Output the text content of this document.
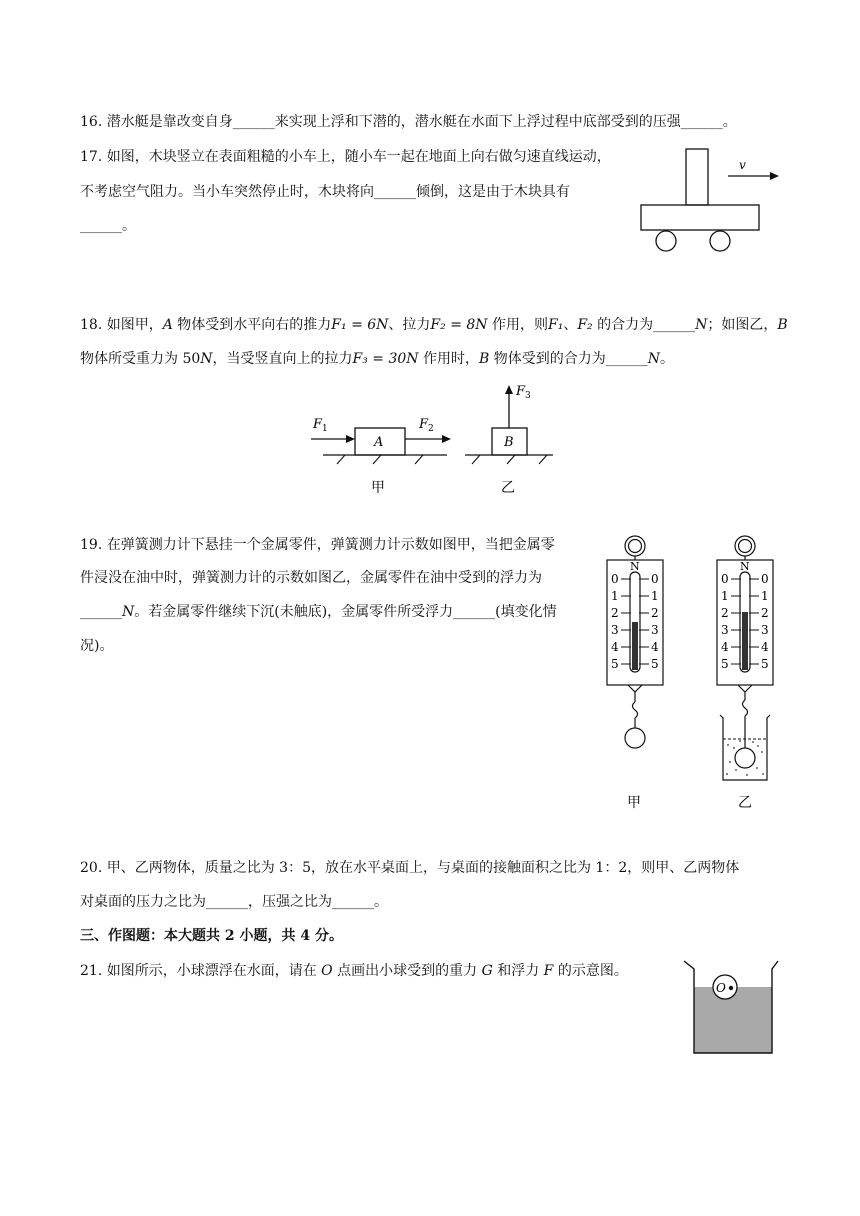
16. 潜水艇是靠改变自身______来实现上浮和下潜的，潜水艇在水面下上浮过程中底部受到的压强______。
17. 如图，木块竖立在表面粗糙的小车上，随小车一起在地面上向右做匀速直线运动，
不考虑空气阻力。当小车突然停止时，木块将向______倾倒，这是由于木块具有
______。
v
18. 如图甲，A 物体受到水平向右的推力F₁ = 6N、拉力F₂ = 8N 作用，则F₁、F₂ 的合力为______N；如图乙，B
物体所受重力为 50N，当受竖直向上的拉力F₃ = 30N 作用时，B 物体受到的合力为______N。
F 1
A
F 2
甲
F 3
B
乙
19. 在弹簧测力计下悬挂一个金属零件，弹簧测力计示数如图甲，当把金属零
件浸没在油中时，弹簧测力计的示数如图乙，金属零件在油中受到的浮力为
______N。若金属零件继续下沉(未触底)，金属零件所受浮力______(填变化情
况)。
N
0	0
1	1
2	2
3	3
4	4
5	5
甲
N
0	0
1	1
2	2
3	3
4	4
5	5
乙
20. 甲、乙两物体，质量之比为 3：5，放在水平桌面上，与桌面的接触面积之比为 1：2，则甲、乙两物体
对桌面的压力之比为______，压强之比为______。
三、作图题：本大题共 2 小题，共 4 分。
21. 如图所示，小球漂浮在水面，请在 O 点画出小球受到的重力 G 和浮力 F 的示意图。
O
